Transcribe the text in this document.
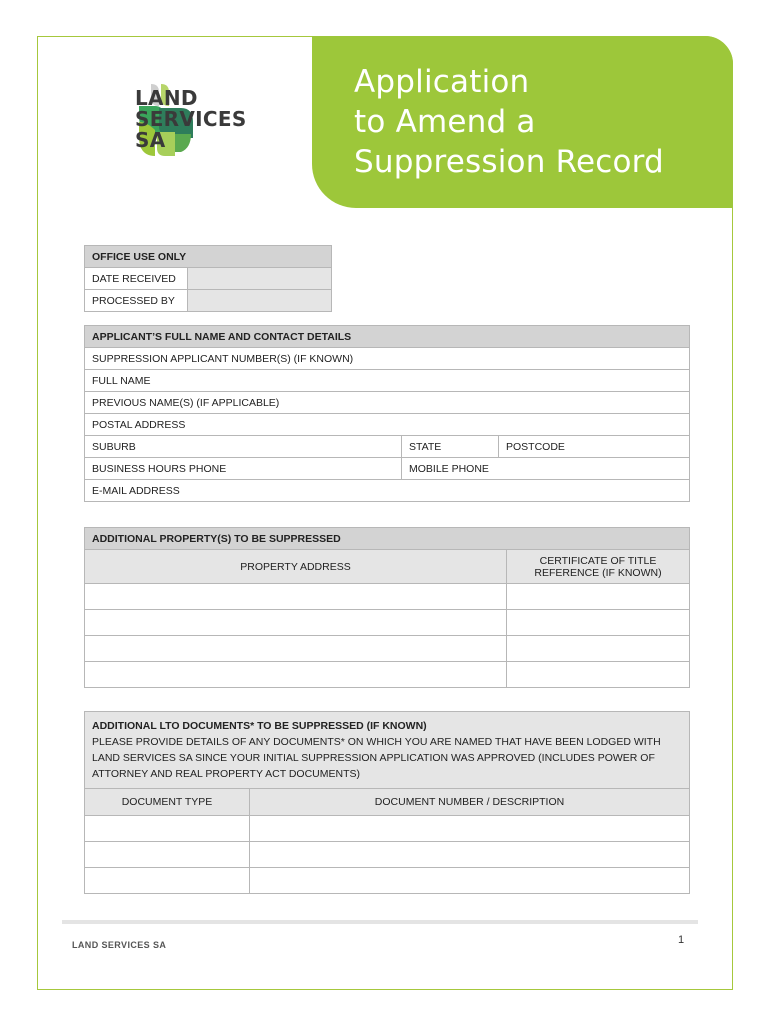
Application
to Amend a
Suppression Record
LAND
SERVICES
SA
OFFICE USE ONLY	
DATE RECEIVED	
PROCESSED BY	
APPLICANT’S FULL NAME AND CONTACT DETAILS		
SUPPRESSION APPLICANT NUMBER(S) (IF KNOWN)		
FULL NAME		
PREVIOUS NAME(S) (IF APPLICABLE)		
POSTAL ADDRESS		
SUBURB	STATE	POSTCODE
BUSINESS HOURS PHONE	MOBILE PHONE	
E-MAIL ADDRESS		
ADDITIONAL PROPERTY(S) TO BE SUPPRESSED	
PROPERTY ADDRESS	CERTIFICATE OF TITLE
REFERENCE (IF KNOWN)

ADDITIONAL LTO DOCUMENTS* TO BE SUPPRESSED (IF KNOWN)
PLEASE PROVIDE DETAILS OF ANY DOCUMENTS* ON WHICH YOU ARE NAMED THAT HAVE BEEN LODGED WITH LAND SERVICES SA SINCE YOUR INITIAL SUPPRESSION APPLICATION WAS APPROVED (INCLUDES POWER OF ATTORNEY AND REAL PROPERTY ACT DOCUMENTS)	

DOCUMENT TYPE	DOCUMENT NUMBER / DESCRIPTION

LAND SERVICES SA	1
